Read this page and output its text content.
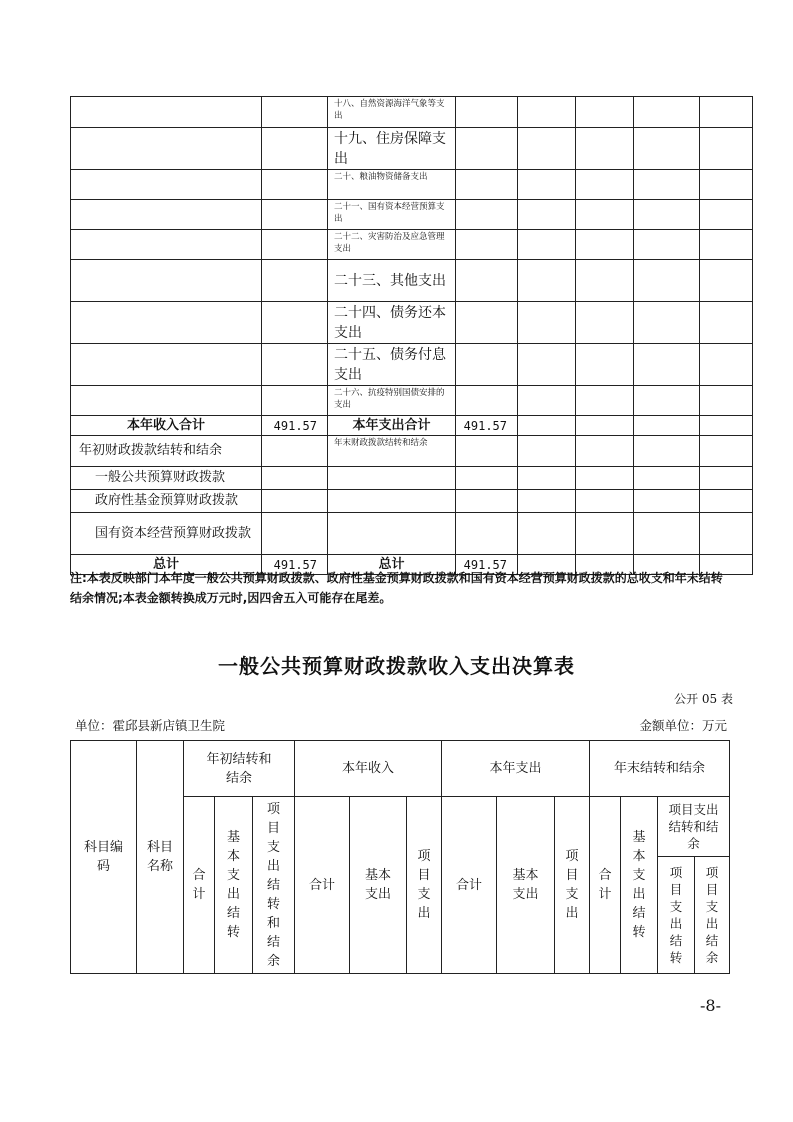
		十八、自然资源海洋气象等支出					
		十九、住房保障支出					
		二十、粮油物资储备支出					
		二十一、国有资本经营预算支出					
		二十二、灾害防治及应急管理支出					
		二十三、其他支出					
		二十四、债务还本支出					
		二十五、债务付息支出					
		二十六、抗疫特别国债安排的支出					
本年收入合计	491.57	本年支出合计	491.57				
年初财政拨款结转和结余		年末财政拨款结转和结余					
一般公共预算财政拨款							
政府性基金预算财政拨款							
国有资本经营预算财政拨款							
总计	491.57	总计	491.57				
注:本表反映部门本年度一般公共预算财政拨款、政府性基金预算财政拨款和国有资本经营预算财政拨款的总收支和年末结转结余情况;本表金额转换成万元时,因四舍五入可能存在尾差。
一般公共预算财政拨款收入支出决算表
公开 05 表
单位：霍邱县新店镇卫生院	金额单位：万元
科目编码	科目名称	年初结转和结余			本年收入			本年支出			年末结转和结余			
		合计	基本支出结转	项目支出结转和结余	合计	基本支出	项目支出	合计	基本支出	项目支出	合计	基本支出结转	项目支出结转和结余	
													项目支出结转	项目支出结余
-8-
